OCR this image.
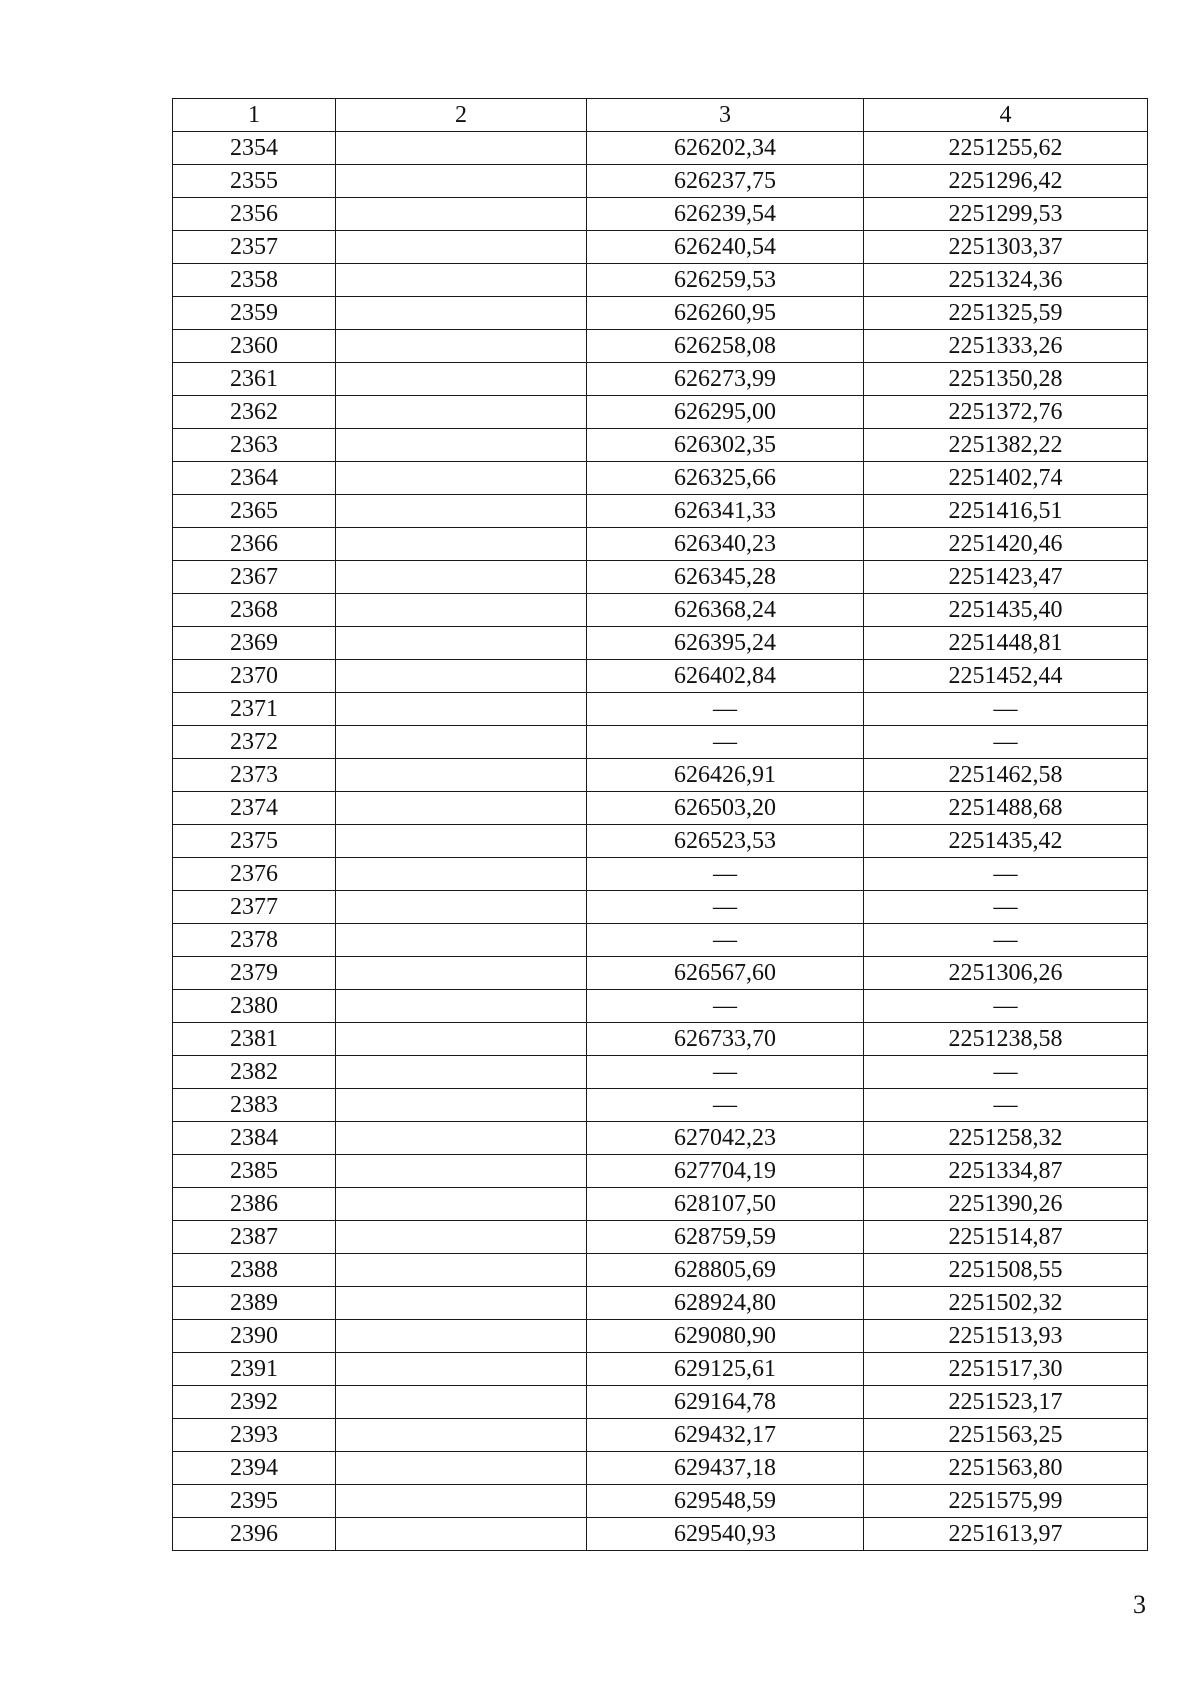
1	2	3	4
2354		626202,34	2251255,62
2355		626237,75	2251296,42
2356		626239,54	2251299,53
2357		626240,54	2251303,37
2358		626259,53	2251324,36
2359		626260,95	2251325,59
2360		626258,08	2251333,26
2361		626273,99	2251350,28
2362		626295,00	2251372,76
2363		626302,35	2251382,22
2364		626325,66	2251402,74
2365		626341,33	2251416,51
2366		626340,23	2251420,46
2367		626345,28	2251423,47
2368		626368,24	2251435,40
2369		626395,24	2251448,81
2370		626402,84	2251452,44
2371		—	—
2372		—	—
2373		626426,91	2251462,58
2374		626503,20	2251488,68
2375		626523,53	2251435,42
2376		—	—
2377		—	—
2378		—	—
2379		626567,60	2251306,26
2380		—	—
2381		626733,70	2251238,58
2382		—	—
2383		—	—
2384		627042,23	2251258,32
2385		627704,19	2251334,87
2386		628107,50	2251390,26
2387		628759,59	2251514,87
2388		628805,69	2251508,55
2389		628924,80	2251502,32
2390		629080,90	2251513,93
2391		629125,61	2251517,30
2392		629164,78	2251523,17
2393		629432,17	2251563,25
2394		629437,18	2251563,80
2395		629548,59	2251575,99
2396		629540,93	2251613,97
3
